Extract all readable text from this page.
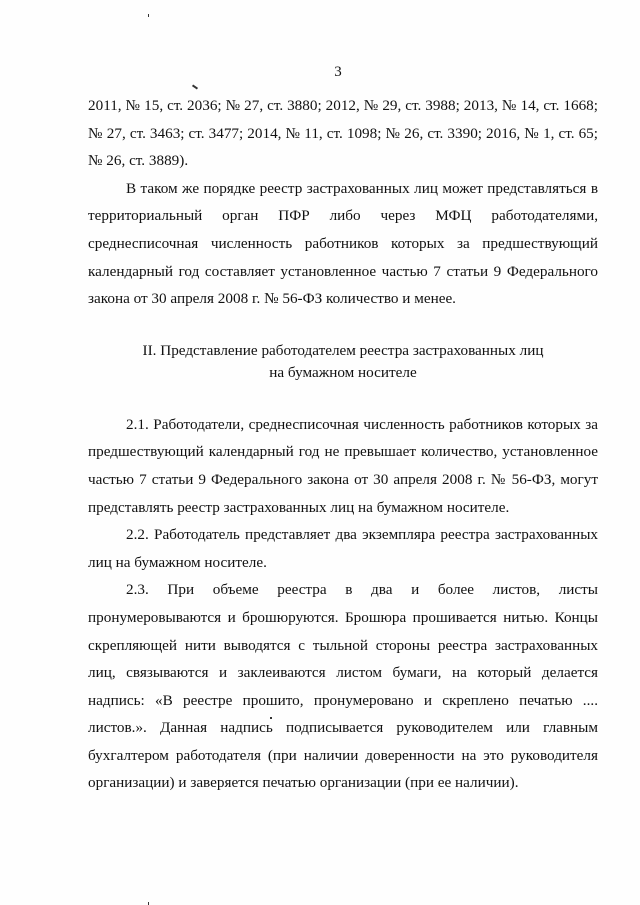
3

2011, № 15, ст. 2036; № 27, ст. 3880; 2012, № 29, ст. 3988; 2013, № 14, ст. 1668; № 27, ст. 3463; ст. 3477; 2014, № 11, ст. 1098; № 26, ст. 3390; 2016, № 1, ст. 65; № 26, ст. 3889).

В таком же порядке реестр застрахованных лиц может представляться в территориальный орган ПФР либо через МФЦ работодателями, среднесписочная численность работников которых за предшествующий календарный год составляет установленное частью 7 статьи 9 Федерального закона от 30 апреля 2008 г. № 56-ФЗ количество и менее.

II. Представление работодателем реестра застрахованных лиц
на бумажном носителе

2.1. Работодатели, среднесписочная численность работников которых за предшествующий календарный год не превышает количество, установленное частью 7 статьи 9 Федерального закона от 30 апреля 2008 г. № 56-ФЗ, могут представлять реестр застрахованных лиц на бумажном носителе.

2.2. Работодатель представляет два экземпляра реестра застрахованных лиц на бумажном носителе.

2.3. При объеме реестра в два и более листов, листы пронумеровываются и брошюруются. Брошюра прошивается нитью. Концы скрепляющей нити выводятся с тыльной стороны реестра застрахованных лиц, связываются и заклеиваются листом бумаги, на который делается надпись: «В реестре прошито, пронумеровано и скреплено печатью .... листов.». Данная надпись подписывается руководителем или главным бухгалтером работодателя (при наличии доверенности на это руководителя организации) и заверяется печатью организации (при ее наличии).
